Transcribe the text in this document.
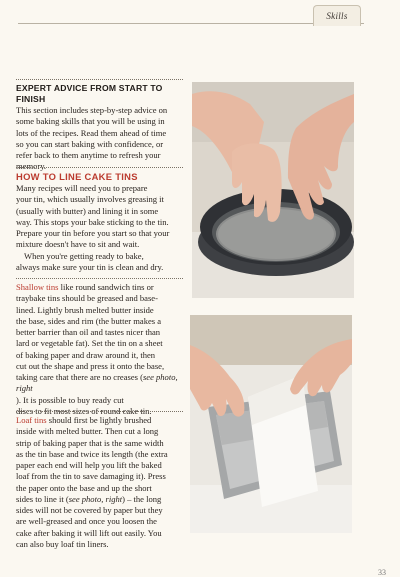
Skills
EXPERT ADVICE FROM START TO FINISH

This section includes step-by-step advice on

some baking skills that you will be using in

lots of the recipes. Read them ahead of time

so you can start baking with confidence, or

refer back to them anytime to refresh your

memory.

HOW TO LINE CAKE TINS

Many recipes will need you to prepare

your tin, which usually involves greasing it

(usually with butter) and lining it in some

way. This stops your bake sticking to the tin.

Prepare your tin before you start so that your

mixture doesn't have to sit and wait.

When you're getting ready to bake,

always make sure your tin is clean and dry.

Shallow tins like round sandwich tins or

traybake tins should be greased and base-

lined. Lightly brush melted butter inside

the base, sides and rim (the butter makes a

better barrier than oil and tastes nicer than

lard or vegetable fat). Set the tin on a sheet

of baking paper and draw around it, then

cut out the shape and press it onto the base,

taking care that there are no creases (see photo, right

). It is possible to buy ready cut

discs to fit most sizes of round cake tin.

Loaf tins should first be lightly brushed

inside with melted butter. Then cut a long

strip of baking paper that is the same width

as the tin base and twice its length (the extra

paper each end will help you lift the baked

loaf from the tin to save damaging it). Press

the paper onto the base and up the short

sides to line it (see photo, right) – the long

sides will not be covered by paper but they

are well-greased and once you loosen the

cake after baking it will lift out easily. You

can also buy loaf tin liners.

33
